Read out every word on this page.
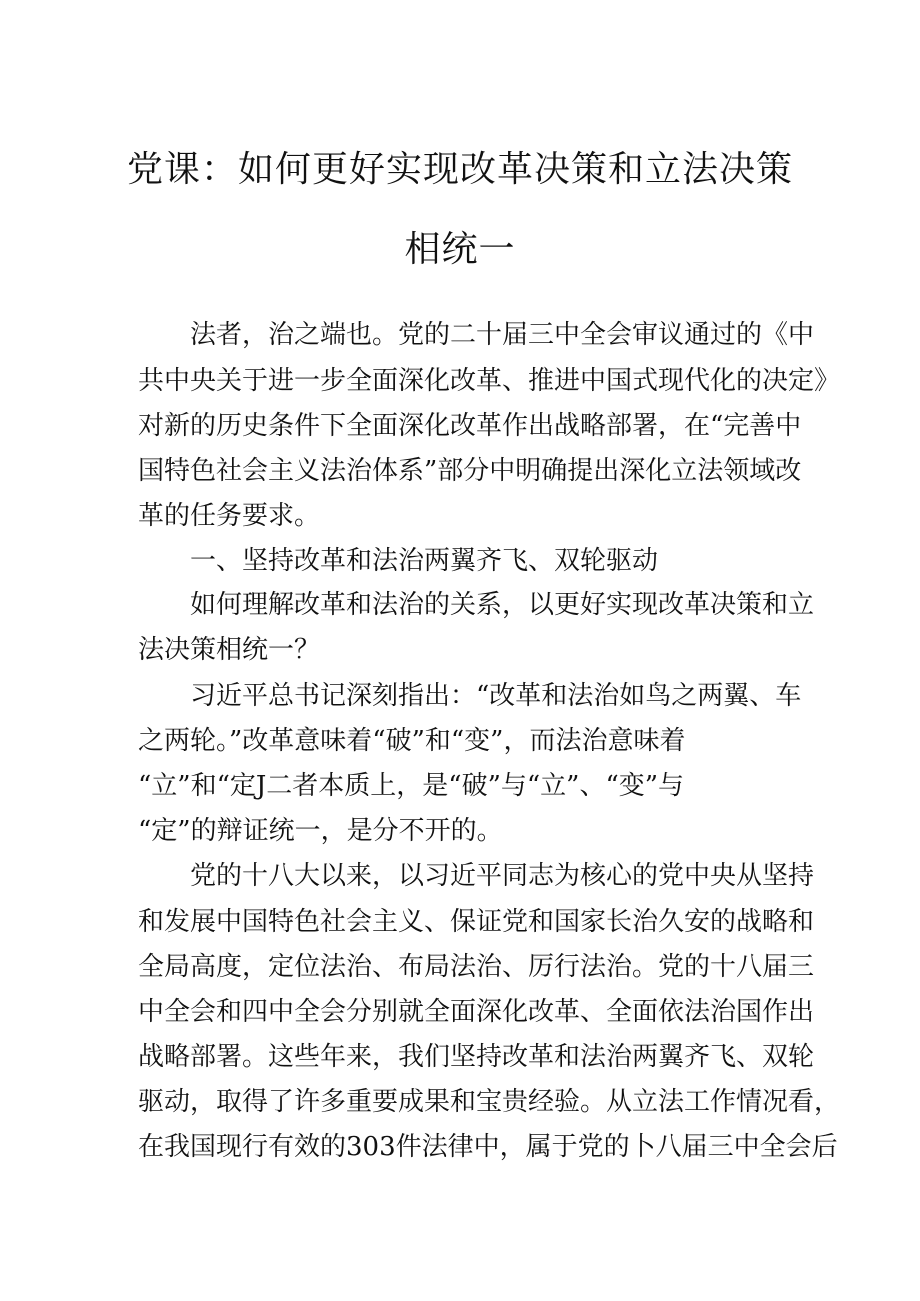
党课：如何更好实现改革决策和立法决策
相统一
法者，治之端也。党的二十届三中全会审议通过的《中
共中央关于进一步全面深化改革、推进中国式现代化的决定》
对新的历史条件下全面深化改革作出战略部署，在“完善中
国特色社会主义法治体系”部分中明确提出深化立法领域改
革的任务要求。
一、坚持改革和法治两翼齐飞、双轮驱动
如何理解改革和法治的关系，以更好实现改革决策和立
法决策相统一？
习近平总书记深刻指出：“改革和法治如鸟之两翼、车
之两轮。”改革意味着“破”和“变”，而法治意味着
“立”和“定J二者本质上，是“破”与“立”、“变”与
“定”的辩证统一，是分不开的。
党的十八大以来，以习近平同志为核心的党中央从坚持
和发展中国特色社会主义、保证党和国家长治久安的战略和
全局高度，定位法治、布局法治、厉行法治。党的十八届三
中全会和四中全会分别就全面深化改革、全面依法治国作出
战略部署。这些年来，我们坚持改革和法治两翼齐飞、双轮
驱动，取得了许多重要成果和宝贵经验。从立法工作情况看，
在我国现行有效的303件法律中，属于党的卜八届三中全会后
